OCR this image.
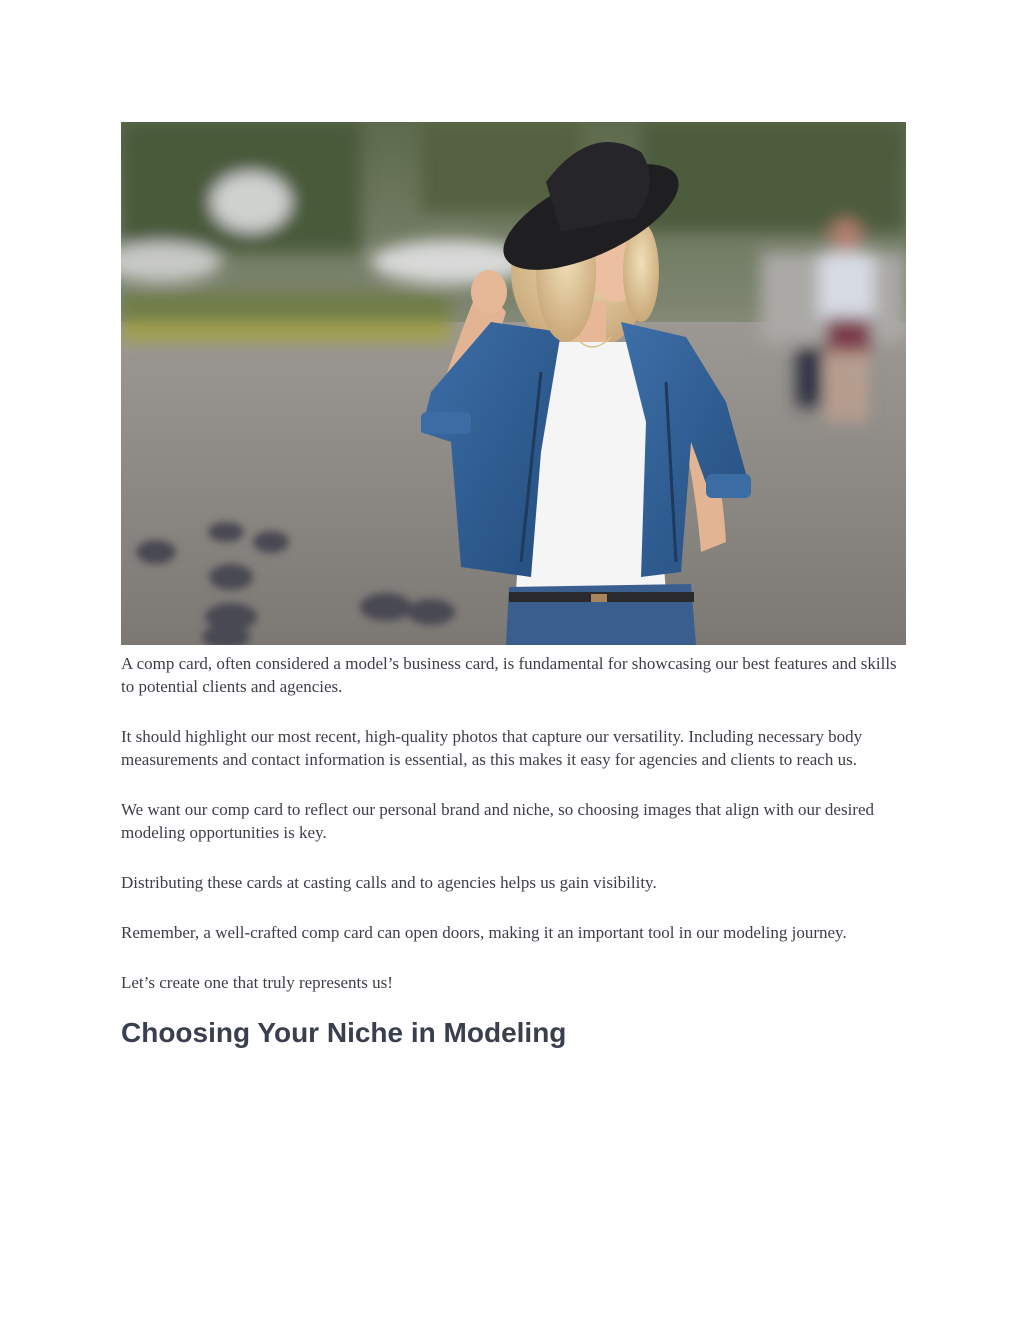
A comp card, often considered a model’s business card, is fundamental for showcasing our best features and skills to potential clients and agencies.

It should highlight our most recent, high-quality photos that capture our versatility. Including necessary body measurements and contact information is essential, as this makes it easy for agencies and clients to reach us.

We want our comp card to reflect our personal brand and niche, so choosing images that align with our desired modeling opportunities is key.

Distributing these cards at casting calls and to agencies helps us gain visibility.

Remember, a well-crafted comp card can open doors, making it an important tool in our modeling journey.

Let’s create one that truly represents us!

Choosing Your Niche in Modeling
